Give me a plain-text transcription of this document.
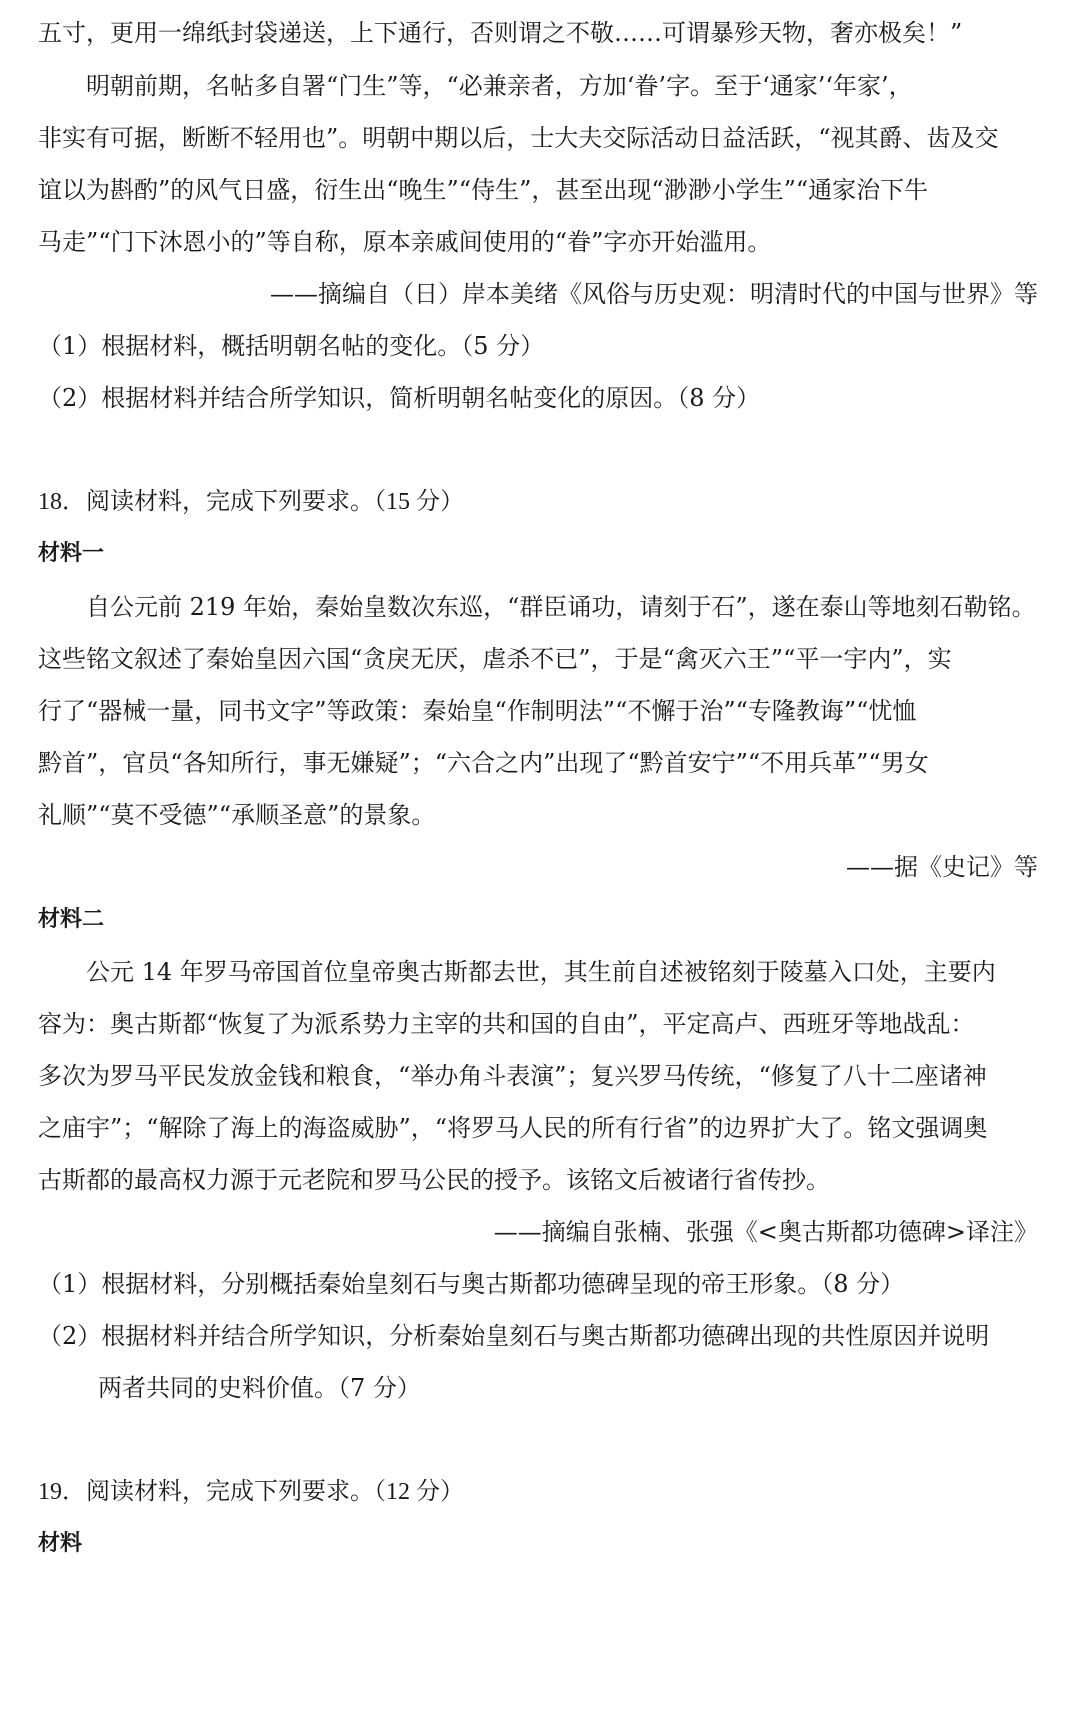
五寸，更用一绵纸封袋递送，上下通行，否则谓之不敬……可谓暴殄天物，奢亦极矣！”
明朝前期，名帖多自署“门生”等，“必兼亲者，方加‘眷’字。至于‘通家’‘年家’，
非实有可据，断断不轻用也”。明朝中期以后，士大夫交际活动日益活跃，“视其爵、齿及交
谊以为斟酌”的风气日盛，衍生出“晚生”“侍生”，甚至出现“渺渺小学生”“通家治下牛
马走”“门下沐恩小的”等自称，原本亲戚间使用的“眷”字亦开始滥用。
——摘编自（日）岸本美绪《风俗与历史观：明清时代的中国与世界》等
（1）根据材料，概括明朝名帖的变化。（5 分）
（2）根据材料并结合所学知识，简析明朝名帖变化的原因。（8 分）
18．阅读材料，完成下列要求。（15 分）
材料一
自公元前 219 年始，秦始皇数次东巡，“群臣诵功，请刻于石”，遂在泰山等地刻石勒铭。
这些铭文叙述了秦始皇因六国“贪戾无厌，虐杀不已”，于是“禽灭六王”“平一宇内”，实
行了“器械一量，同书文字”等政策：秦始皇“作制明法”“不懈于治”“专隆教诲”“忧恤
黔首”，官员“各知所行，事无嫌疑”；“六合之内”出现了“黔首安宁”“不用兵革”“男女
礼顺”“莫不受德”“承顺圣意”的景象。
——据《史记》等
材料二
公元 14 年罗马帝国首位皇帝奥古斯都去世，其生前自述被铭刻于陵墓入口处，主要内
容为：奥古斯都“恢复了为派系势力主宰的共和国的自由”，平定高卢、西班牙等地战乱：
多次为罗马平民发放金钱和粮食，“举办角斗表演”；复兴罗马传统，“修复了八十二座诸神
之庙宇”；“解除了海上的海盗威胁”，“将罗马人民的所有行省”的边界扩大了。铭文强调奥
古斯都的最高权力源于元老院和罗马公民的授予。该铭文后被诸行省传抄。
——摘编自张楠、张强《<奥古斯都功德碑>译注》
（1）根据材料，分别概括秦始皇刻石与奥古斯都功德碑呈现的帝王形象。（8 分）
（2）根据材料并结合所学知识，分析秦始皇刻石与奥古斯都功德碑出现的共性原因并说明
两者共同的史料价值。（7 分）
19．阅读材料，完成下列要求。（12 分）
材料
